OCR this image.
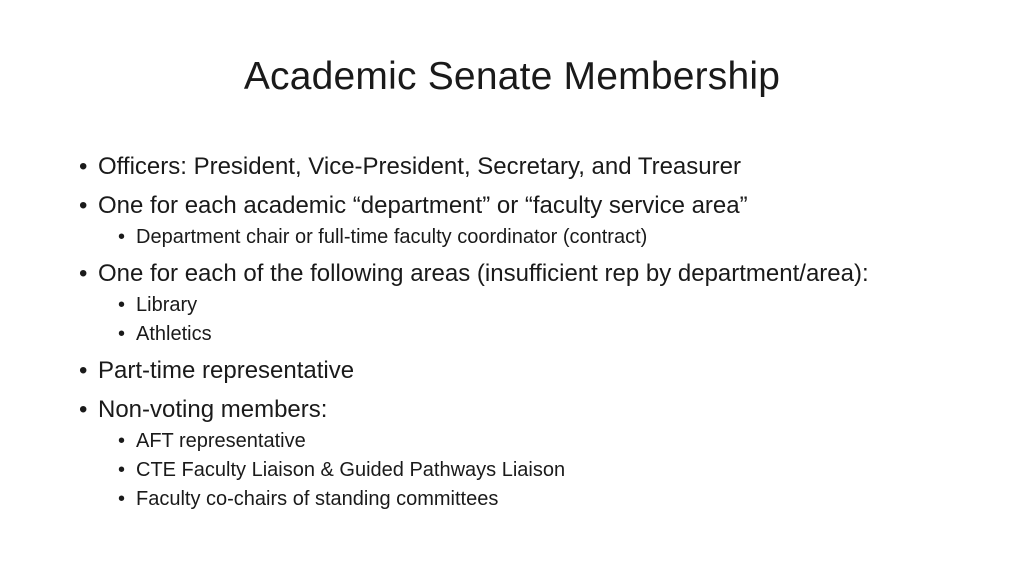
Academic Senate Membership
• Officers: President, Vice-President, Secretary, and Treasurer
• One for each academic “department” or “faculty service area”
• Department chair or full-time faculty coordinator (contract)
• One for each of the following areas (insufficient rep by department/area):
• Library
• Athletics
• Part-time representative
• Non-voting members:
• AFT representative
• CTE Faculty Liaison & Guided Pathways Liaison
• Faculty co-chairs of standing committees
